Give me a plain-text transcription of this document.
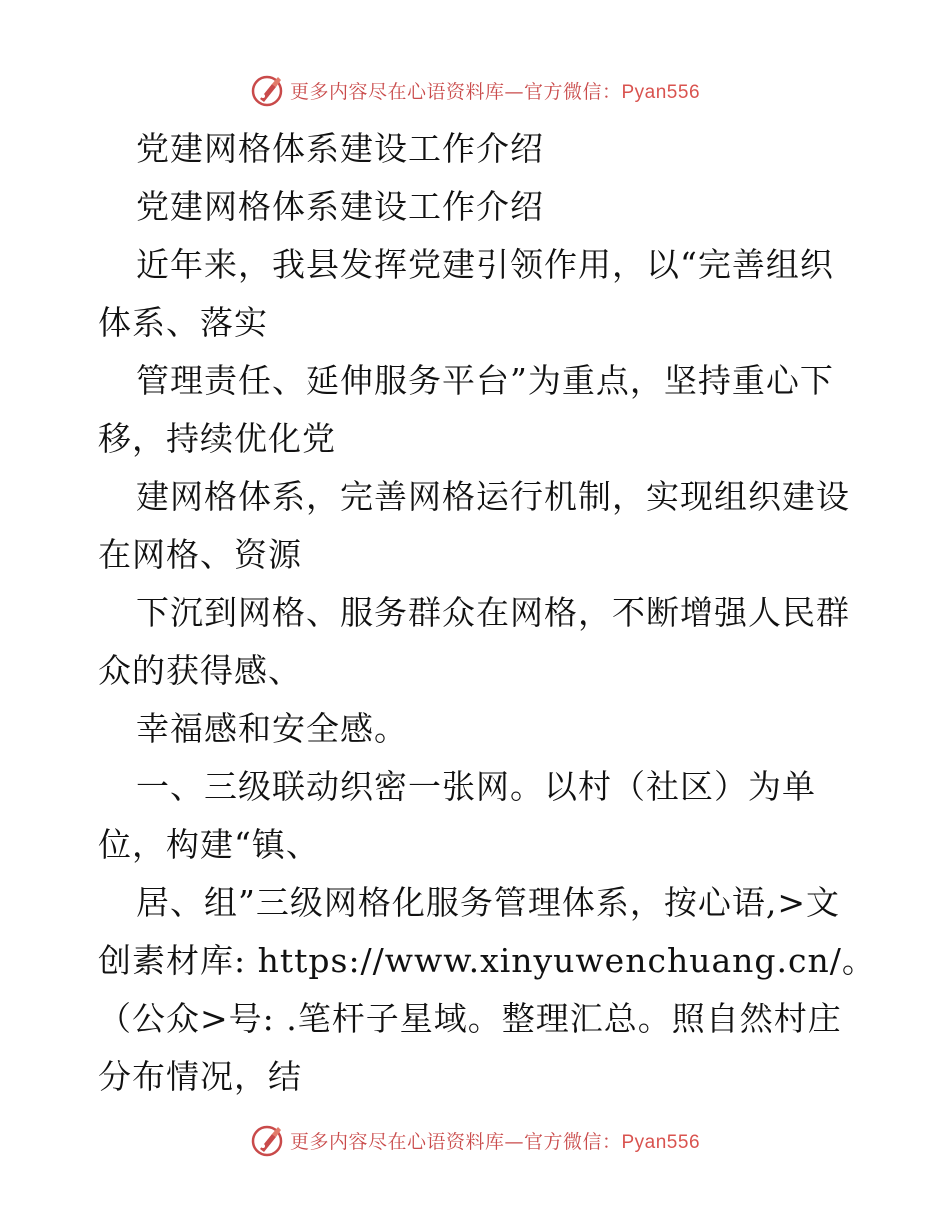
更多内容尽在心语资料库—官方微信：Pyan556
党建网格体系建设工作介绍
党建网格体系建设工作介绍
近年来，我县发挥党建引领作用，以“完善组织
体系、落实
管理责任、延伸服务平台”为重点，坚持重心下
移，持续优化党
建网格体系，完善网格运行机制，实现组织建设
在网格、资源
下沉到网格、服务群众在网格，不断增强人民群
众的获得感、
幸福感和安全感。
一、三级联动织密一张网。以村（社区）为单
位，构建“镇、
居、组”三级网格化服务管理体系，按心语,>文
创素材库: https://www.xinyuwenchuang.cn/。
（公众>号: .笔杆子星域。整理汇总。照自然村庄
分布情况，结
更多内容尽在心语资料库—官方微信：Pyan556
